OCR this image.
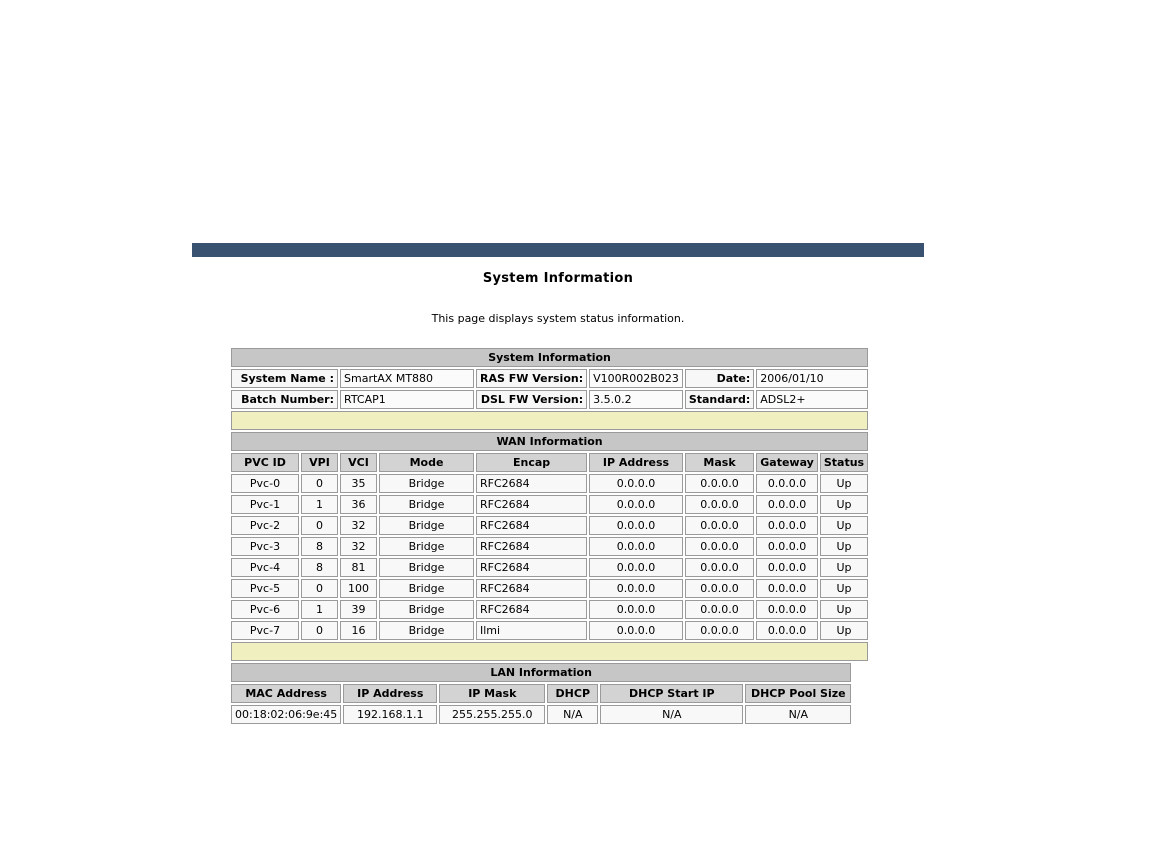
System Information
This page displays system status information.
System Information								
System Name :		SmartAX MT880		RAS FW Version:	V100R002B023	Date:	2006/01/10	
Batch Number:		RTCAP1		DSL FW Version:	3.5.0.2	Standard:	ADSL2+	

WAN Information								
PVC ID	VPI	VCI	Mode	Encap	IP Address	Mask	Gateway	Status
Pvc-0	0	35	Bridge	RFC2684	0.0.0.0	0.0.0.0	0.0.0.0	Up
Pvc-1	1	36	Bridge	RFC2684	0.0.0.0	0.0.0.0	0.0.0.0	Up
Pvc-2	0	32	Bridge	RFC2684	0.0.0.0	0.0.0.0	0.0.0.0	Up
Pvc-3	8	32	Bridge	RFC2684	0.0.0.0	0.0.0.0	0.0.0.0	Up
Pvc-4	8	81	Bridge	RFC2684	0.0.0.0	0.0.0.0	0.0.0.0	Up
Pvc-5	0	100	Bridge	RFC2684	0.0.0.0	0.0.0.0	0.0.0.0	Up
Pvc-6	1	39	Bridge	RFC2684	0.0.0.0	0.0.0.0	0.0.0.0	Up
Pvc-7	0	16	Bridge	Ilmi	0.0.0.0	0.0.0.0	0.0.0.0	Up

LAN Information					
MAC Address	IP Address	IP Mask	DHCP	DHCP Start IP	DHCP Pool Size
00:18:02:06:9e:45	192.168.1.1	255.255.255.0	N/A	N/A	N/A
